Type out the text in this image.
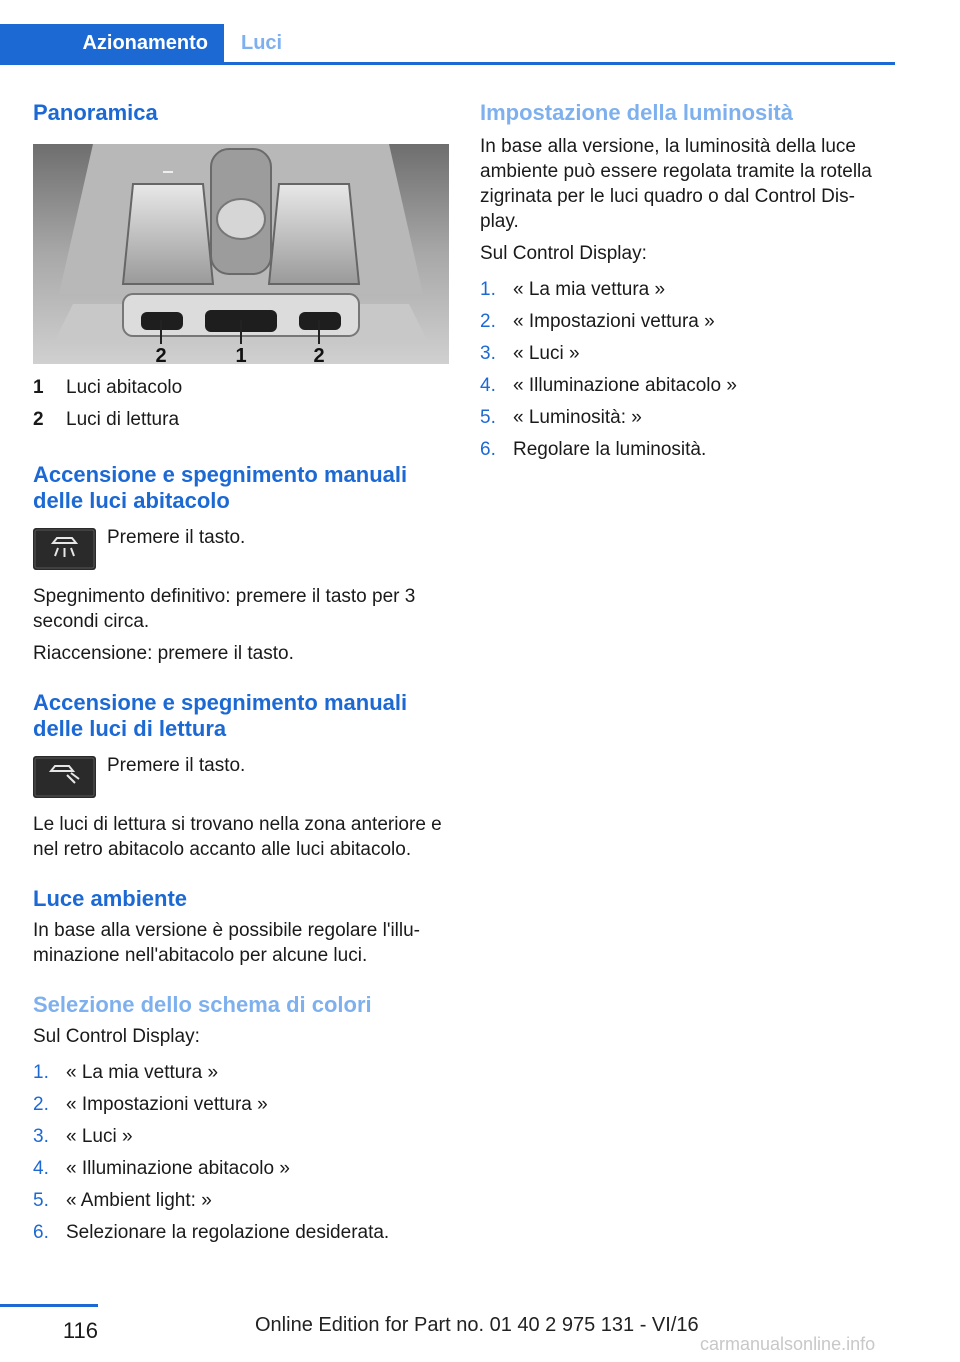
Azionamento	Luci
Panoramica
2	1	2
1	Luci abitacolo
2	Luci di lettura
Accensione e spegnimento manuali delle luci abitacolo

Premere il tasto.

Spegnimento definitivo: premere il tasto per 3 secondi circa.

Riaccensione: premere il tasto.

Accensione e spegnimento manuali delle luci di lettura

Premere il tasto.

Le luci di lettura si trovano nella zona anteriore e nel retro abitacolo accanto alle luci abitacolo.

Luce ambiente

In base alla versione è possibile regolare l'illu‐ minazione nell'abitacolo per alcune luci.

Selezione dello schema di colori

Sul Control Display:

1. « La mia vettura »
2. « Impostazioni vettura »
3. « Luci »
4. « Illuminazione abitacolo »
5. « Ambient light: »
6. Selezionare la regolazione desiderata.
Impostazione della luminosità

In base alla versione, la luminosità della luce ambiente può essere regolata tramite la rotella zigrinata per le luci quadro o dal Control Dis‐ play.

Sul Control Display:

1. « La mia vettura »
2. « Impostazioni vettura »
3. « Luci »
4. « Illuminazione abitacolo »
5. « Luminosità: »
6. Regolare la luminosità.
116	Online Edition for Part no. 01 40 2 975 131 - VI/16
carmanualsonline.info
